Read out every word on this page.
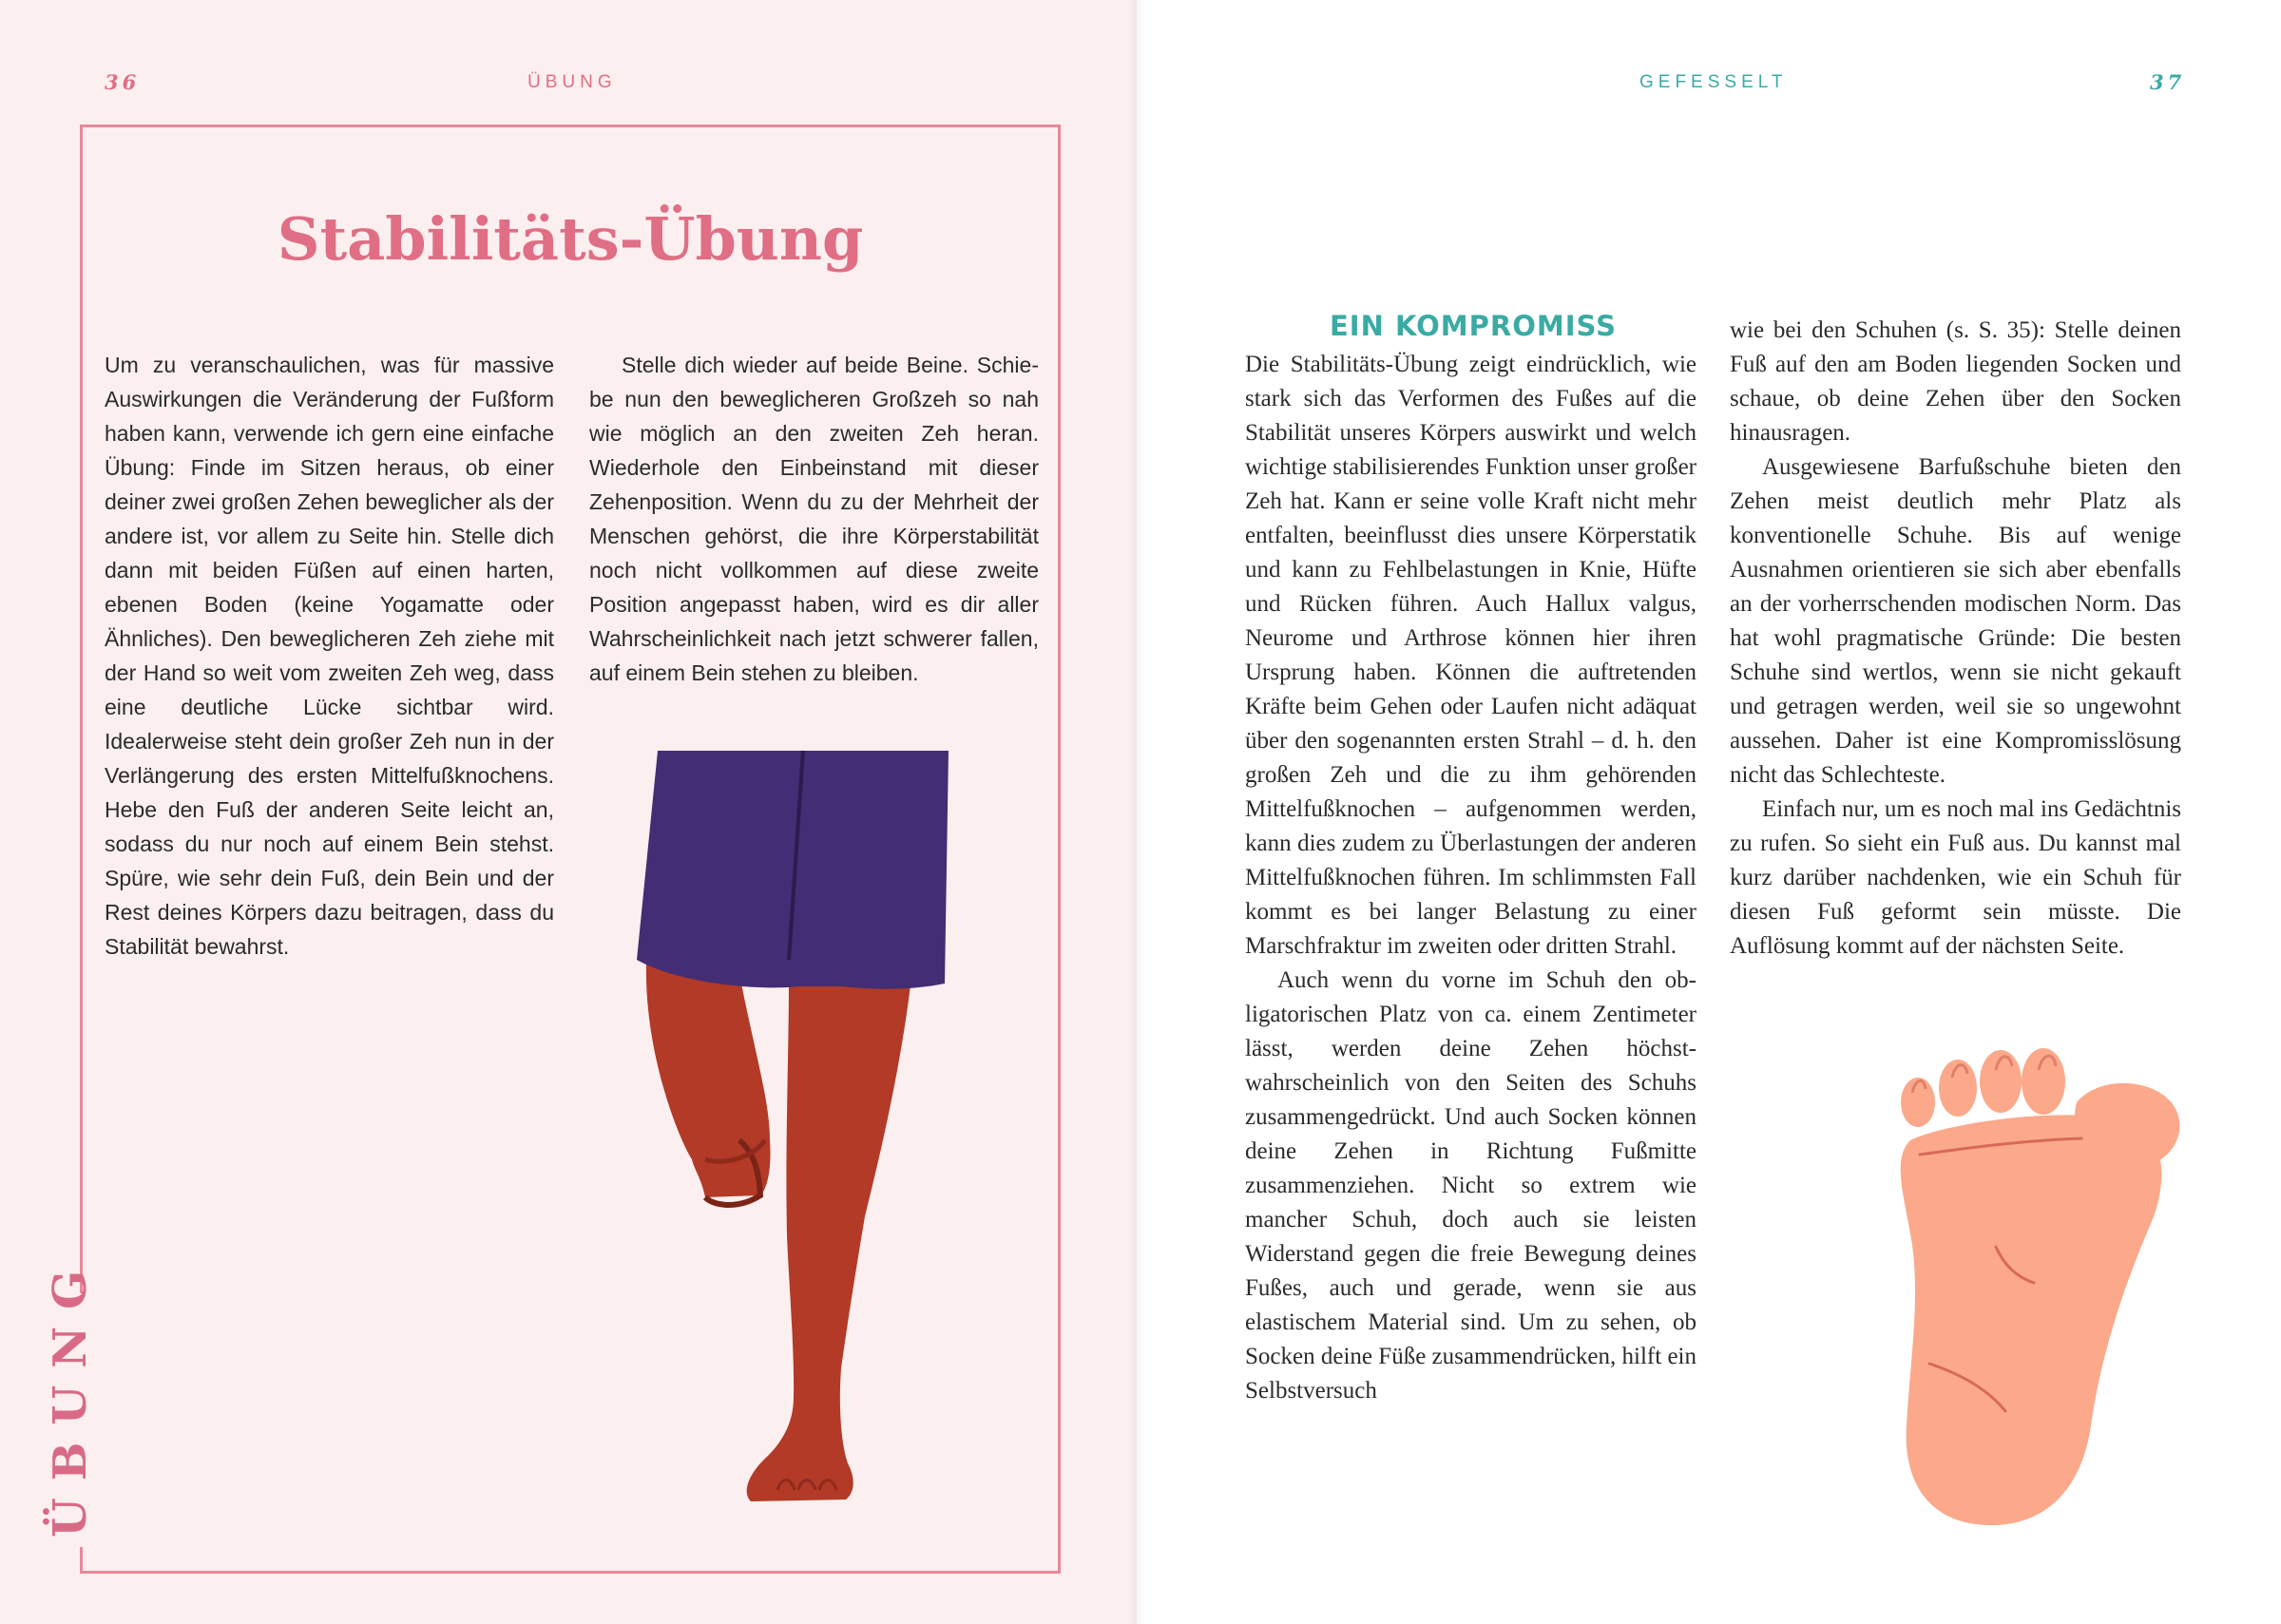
36	ÜBUNG
ÜBUNG
Stabilitäts-Übung

Um zu veranschaulichen, was für massive Auswirkungen die Veränderung der Fußform haben kann, verwende ich gern eine einfache Übung: Finde im Sitzen heraus, ob einer deiner zwei großen Zehen beweglicher als der andere ist, vor allem zu Seite hin. Stelle dich dann mit beiden Füßen auf einen harten, ebenen Boden (keine Yogamatte oder Ähnliches). Den beweglicheren Zeh ziehe mit der Hand so weit vom zweiten Zeh weg, dass eine deutliche Lücke sichtbar wird. Idealerweise steht dein großer Zeh nun in der Verlängerung des ersten Mittelfußknochens. Hebe den Fuß der anderen Seite leicht an, sodass du nur noch auf einem Bein stehst. Spüre, wie sehr dein Fuß, dein Bein und der Rest deines Körpers dazu beitragen, dass du Stabilität bewahrst.

Stelle dich wieder auf beide Beine. Schiebe nun den beweglicheren Großzeh so nah wie möglich an den zweiten Zeh heran. Wiederhole den Einbeinstand mit dieser Zehenposition. Wenn du zu der Mehrheit der Menschen gehörst, die ihre Körperstabilität noch nicht vollkommen auf diese zweite Position angepasst haben, wird es dir aller Wahrscheinlichkeit nach jetzt schwerer fallen, auf einem Bein stehen zu bleiben.

GEFESSELT	37
EIN KOMPROMISS

Die Stabilitäts-Übung zeigt eindrücklich, wie stark sich das Verformen des Fußes auf die Stabilität unseres Körpers auswirkt und welch wichtige stabilisierendes Funktion unser großer Zeh hat. Kann er seine volle Kraft nicht mehr entfalten, beeinflusst dies unsere Körperstatik und kann zu Fehlbelastungen in Knie, Hüfte und Rücken führen. Auch Hallux valgus, Neurome und Arthrose können hier ihren Ursprung haben. Können die auftretenden Kräfte beim Gehen oder Laufen nicht adäquat über den sogenannten ersten Strahl – d. h. den großen Zeh und die zu ihm gehörenden Mittelfußknochen – aufgenommen werden, kann dies zudem zu Überlastungen der anderen Mittelfußknochen führen. Im schlimmsten Fall kommt es bei langer Belastung zu einer Marschfraktur im zweiten oder dritten Strahl.

Auch wenn du vorne im Schuh den obligatorischen Platz von ca. einem Zentimeter lässt, werden deine Zehen höchstwahrscheinlich von den Seiten des Schuhs zusammengedrückt. Und auch Socken können deine Zehen in Richtung Fußmitte zusammenziehen. Nicht so extrem wie mancher Schuh, doch auch sie leisten Widerstand gegen die freie Bewegung deines Fußes, auch und gerade, wenn sie aus elastischem Material sind. Um zu sehen, ob Socken deine Füße zusammendrücken, hilft ein Selbstversuch

wie bei den Schuhen (s. S. 35): Stelle deinen Fuß auf den am Boden liegenden Socken und schaue, ob deine Zehen über den Socken hinausragen.

Ausgewiesene Barfußschuhe bieten den Zehen meist deutlich mehr Platz als konventionelle Schuhe. Bis auf wenige Ausnahmen orientieren sie sich aber ebenfalls an der vorherrschenden modischen Norm. Das hat wohl pragmatische Gründe: Die besten Schuhe sind wertlos, wenn sie nicht gekauft und getragen werden, weil sie so ungewohnt aussehen. Daher ist eine Kompromisslösung nicht das Schlechteste.

Einfach nur, um es noch mal ins Gedächtnis zu rufen. So sieht ein Fuß aus. Du kannst mal kurz darüber nachdenken, wie ein Schuh für diesen Fuß geformt sein müsste. Die Auflösung kommt auf der nächsten Seite.
